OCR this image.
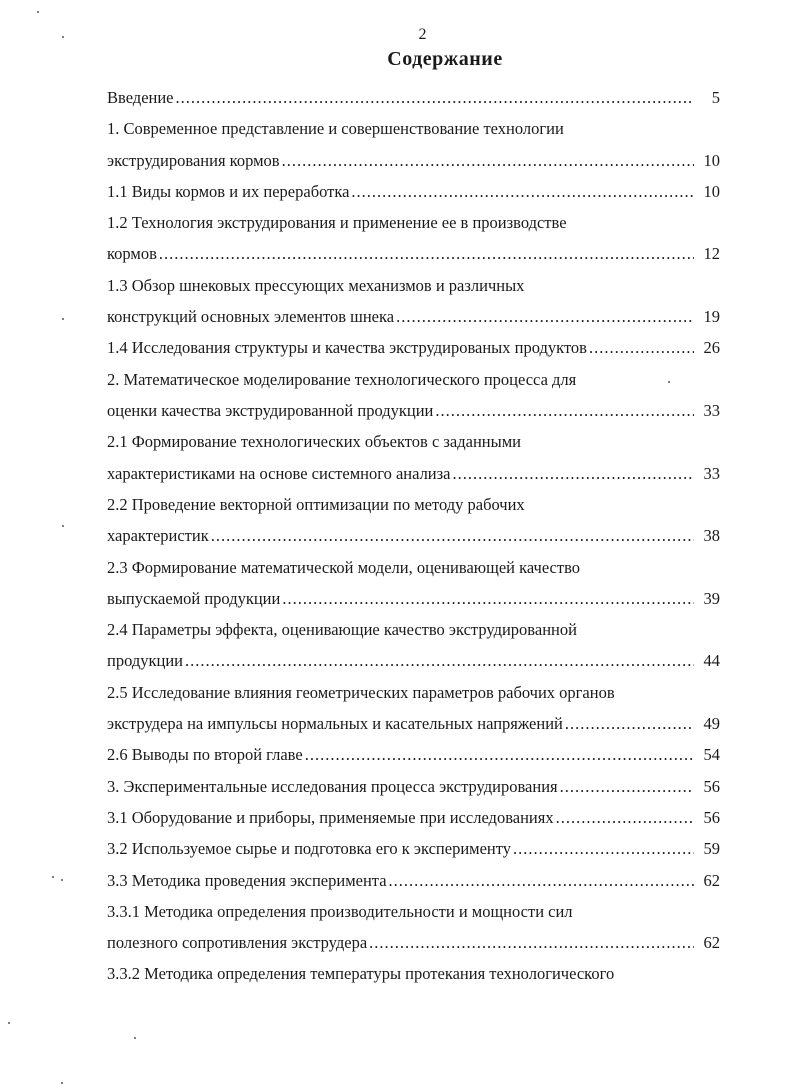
2
Содержание
Введение .....	5
1. Современное представление и совершенствование технологии
экструдирования кормов .....	10
1.1 Виды кормов и их переработка .....	10
1.2 Технология экструдирования и применение ее в производстве
кормов .....	12
1.3 Обзор шнековых прессующих механизмов и различных
конструкций основных элементов шнека .....	19
1.4 Исследования структуры и качества экструдированых продуктов .....	26
2. Математическое моделирование технологического процесса для
оценки качества экструдированной продукции .....	33
2.1 Формирование технологических объектов с заданными
характеристиками на основе системного анализа .....	33
2.2 Проведение векторной оптимизации по методу рабочих
характеристик .....	38
2.3 Формирование математической модели, оценивающей качество
выпускаемой продукции .....	39
2.4 Параметры эффекта, оценивающие качество экструдированной
продукции .....	44
2.5 Исследование влияния геометрических параметров рабочих органов
экструдера на импульсы нормальных и касательных напряжений .....	49
2.6 Выводы по второй главе .....	54
3. Экспериментальные исследования процесса экструдирования .....	56
3.1 Оборудование и приборы, применяемые при исследованиях .....	56
3.2 Используемое сырье и подготовка его к эксперименту .....	59
3.3 Методика проведения эксперимента .....	62
3.3.1 Методика определения производительности и мощности сил
полезного сопротивления экструдера .....	62
3.3.2 Методика определения температуры протекания технологического
